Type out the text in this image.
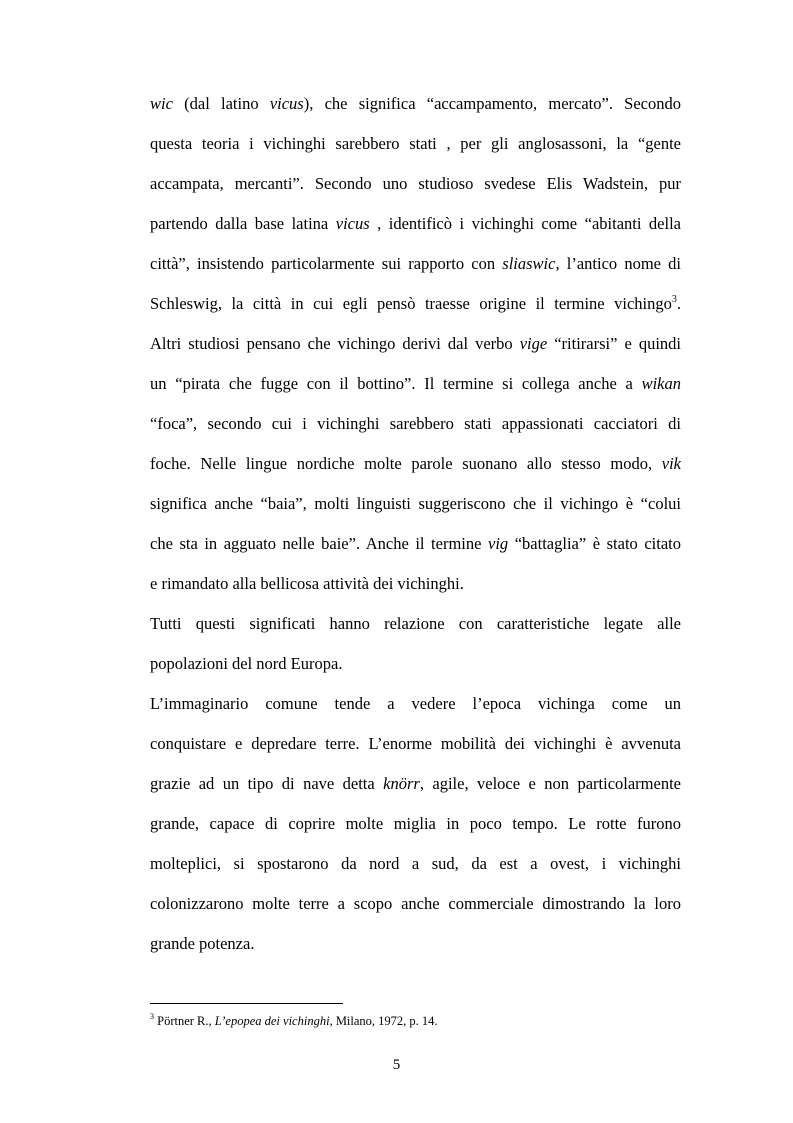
wic (dal latino vicus), che significa “accampamento, mercato”. Secondo
questa teoria i vichinghi sarebbero stati , per gli anglosassoni, la “gente
accampata, mercanti”. Secondo uno studioso svedese Elis Wadstein, pur
partendo dalla base latina vicus , identificò i vichinghi come “abitanti della
città”, insistendo particolarmente sui rapporto con sliaswic, l’antico nome di
Schleswig, la città in cui egli pensò traesse origine il termine vichingo$^3$.
Altri studiosi pensano che vichingo derivi dal verbo vige “ritirarsi” e quindi
un “pirata che fugge con il bottino”. Il termine si collega anche a wikan
“foca”, secondo cui i vichinghi sarebbero stati appassionati cacciatori di
foche. Nelle lingue nordiche molte parole suonano allo stesso modo, vik
significa anche “baia”, molti linguisti suggeriscono che il vichingo è “colui
che sta in agguato nelle baie”. Anche il termine vig “battaglia” è stato citato
e rimandato alla bellicosa attività dei vichinghi.
Tutti questi significati hanno relazione con caratteristiche legate alle
popolazioni del nord Europa.
L’immaginario comune tende a vedere l’epoca vichinga come un
conquistare e depredare terre. L’enorme mobilità dei vichinghi è avvenuta
grazie ad un tipo di nave detta knörr, agile, veloce e non particolarmente
grande, capace di coprire molte miglia in poco tempo. Le rotte furono
molteplici, si spostarono da nord a sud, da est a ovest, i vichinghi
colonizzarono molte terre a scopo anche commerciale dimostrando la loro
grande potenza.
$^3$ Pörtner R., L’epopea dei vichinghi, Milano, 1972, p. 14.
5
